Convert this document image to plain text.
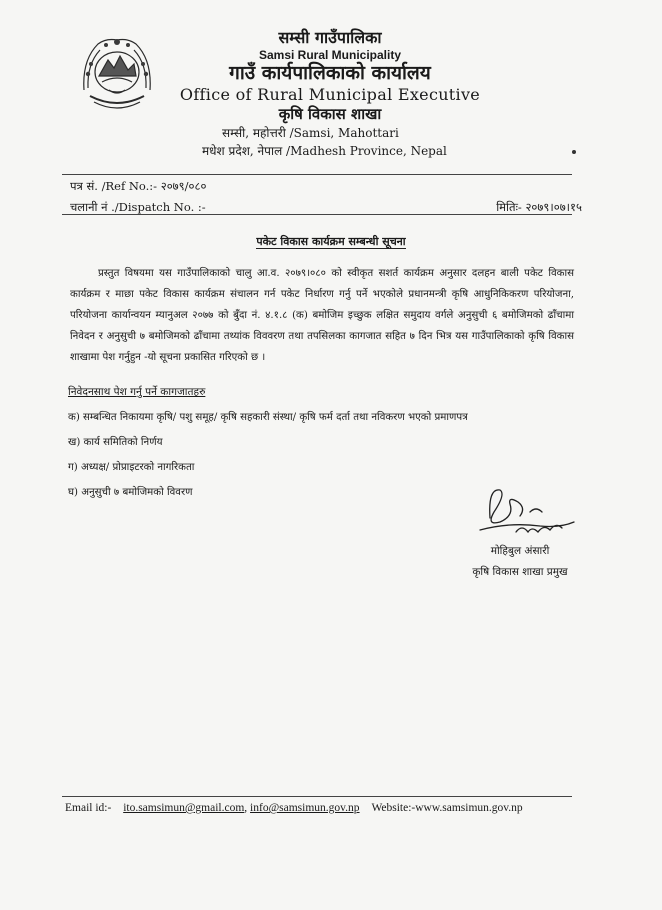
सम्सी गाउँपालिका
Samsi Rural Municipality
गाउँ कार्यपालिकाको कार्यालय
Office of Rural Municipal Executive
कृषि विकास शाखा
सम्सी, महोत्तरी /Samsi, Mahottari
मधेश प्रदेश, नेपाल /Madhesh Province, Nepal
पत्र सं. /Ref No.:- २०७९/०८०
चलानी नं ./Dispatch No. :-	मितिः- २०७९।०७।१५
पकेट विकास कार्यक्रम सम्बन्धी सूचना
प्रस्तुत विषयमा यस गाउँपालिकाको चालु आ.व. २०७९।०८० को स्वीकृत सशर्त कार्यक्रम अनुसार दलहन बाली पकेट विकास कार्यक्रम र माछा पकेट विकास कार्यक्रम संचालन गर्न पकेट निर्धारण गर्नु पर्ने भएकोले प्रधानमन्त्री कृषि आधुनिकिकरण परियोजना, परियोजना कार्यान्वयन म्यानुअल २०७७ को बुँदा नं. ४.१.८ (क) बमोजिम इच्छुक लक्षित समुदाय वर्गले अनुसुची ६ बमोजिमको ढाँचामा निवेदन र अनुसुची ७ बमोजिमको ढाँचामा तथ्यांक विववरण तथा तपसिलका कागजात सहित ७ दिन भित्र यस गाउँपालिकाको कृषि विकास शाखामा पेश गर्नुहुन -यो सूचना प्रकासित गरिएको छ ।
निवेदनसाथ पेश गर्नु पर्ने कागजातहरु
क) सम्बन्धित निकायमा कृषि/ पशु समूह/ कृषि सहकारी संस्था/ कृषि फर्म दर्ता तथा नविकरण भएको प्रमाणपत्र
ख) कार्य समितिको निर्णय
ग) अध्यक्ष/ प्रोप्राइटरको नागरिकता
घ) अनुसुची ७ बमोजिमको विवरण
मोहिबुल अंसारी
कृषि विकास शाखा प्रमुख
Email id:- ito.samsimun@gmail.com, info@samsimun.gov.np Website:-www.samsimun.gov.np
